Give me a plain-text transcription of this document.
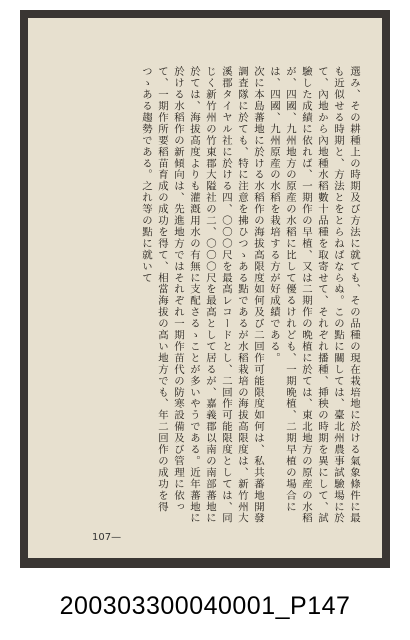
選み、その耕種上の時期及び方法に就ても、その品種の現在栽培地に於ける氣象條件に最も近似せる時期と、方法とをとらねばならぬ。この點に關しては、臺北州農事試驗場に於て、內地から內地種水稻數十品種を取寄せて、それぞれ播種、挿秧の時期を異にして、試驗した成績に依れば、一期作の早植、又は二期作の晩植に於ては、東北地方の原産の水稻が、四國、九州地方の原産の水稻に比して優るけれども、一期晩植、二期早植の場合には、四國、九州原産の水稻を栽培する方が好成績である。

次に本島蕃地に於ける水稻作の海拔高限度如何及び二回作可能限度如何は、私共蕃地開發調査隊に於ても、特に注意を拂ひつゝある點であるが水稻栽培の海拔高限度は、新竹州大溪郡タイヤル社に於ける四、〇〇〇尺を最高レコードとし、二回作可能限度としては、同じく新竹州の竹東郡大隘社の二、〇〇〇尺を最高として居るが、嘉義郡以南の南部蕃地に於ては、海拔高度よりも灌漑用水の有無に支配さるゝことが多いやうである。近年蕃地に於ける水稻作の新傾向は、先進地方ではそれぞれ一期作苗代の防寒設備及び管理に依って、一期作所要稻苗育成の成功を得て、相當海拔の高い地方でも、年二回作の成功を得つゝある趨勢である。之れ等の點に就いて

107—
200303300040001_P147
